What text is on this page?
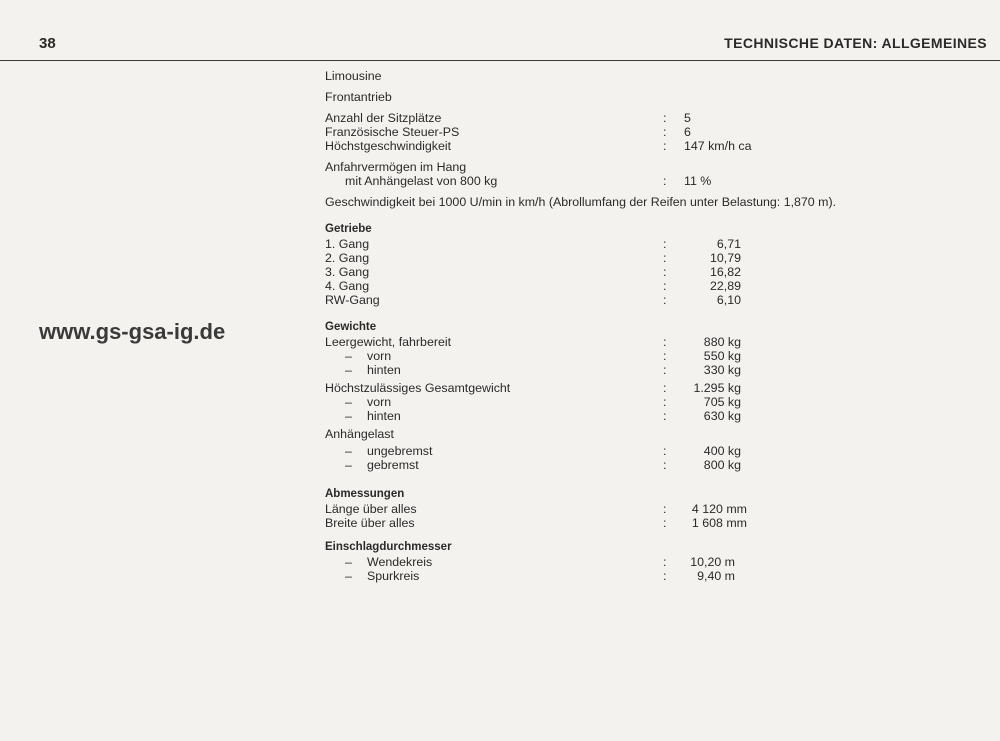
38	TECHNISCHE DATEN: ALLGEMEINES
www.gs-gsa-ig.de
Limousine
Frontantrieb
Anzahl der Sitzplätze	: 5
Französische Steuer-PS	: 6
Höchstgeschwindigkeit	: 147 km/h ca
Anfahrvermögen im Hang
mit Anhängelast von 800 kg	: 11 %
Geschwindigkeit bei 1000 U/min in km/h (Abrollumfang der Reifen unter Belastung: 1,870 m).
Getriebe
1. Gang	:	6,71
2. Gang	:	10,79
3. Gang	:	16,82
4. Gang	:	22,89
RW-Gang	:	6,10
Gewichte
Leergewicht, fahrbereit	:	880 kg
– vorn	:	550 kg
– hinten	:	330 kg
Höchstzulässiges Gesamtgewicht	:	1.295 kg
– vorn	:	705 kg
– hinten	:	630 kg
Anhängelast
– ungebremst	:	400 kg
– gebremst	:	800 kg
Abmessungen
Länge über alles	:	4 120 mm
Breite über alles	:	1 608 mm
Einschlagdurchmesser
– Wendekreis	:	10,20 m
– Spurkreis	:	9,40 m
